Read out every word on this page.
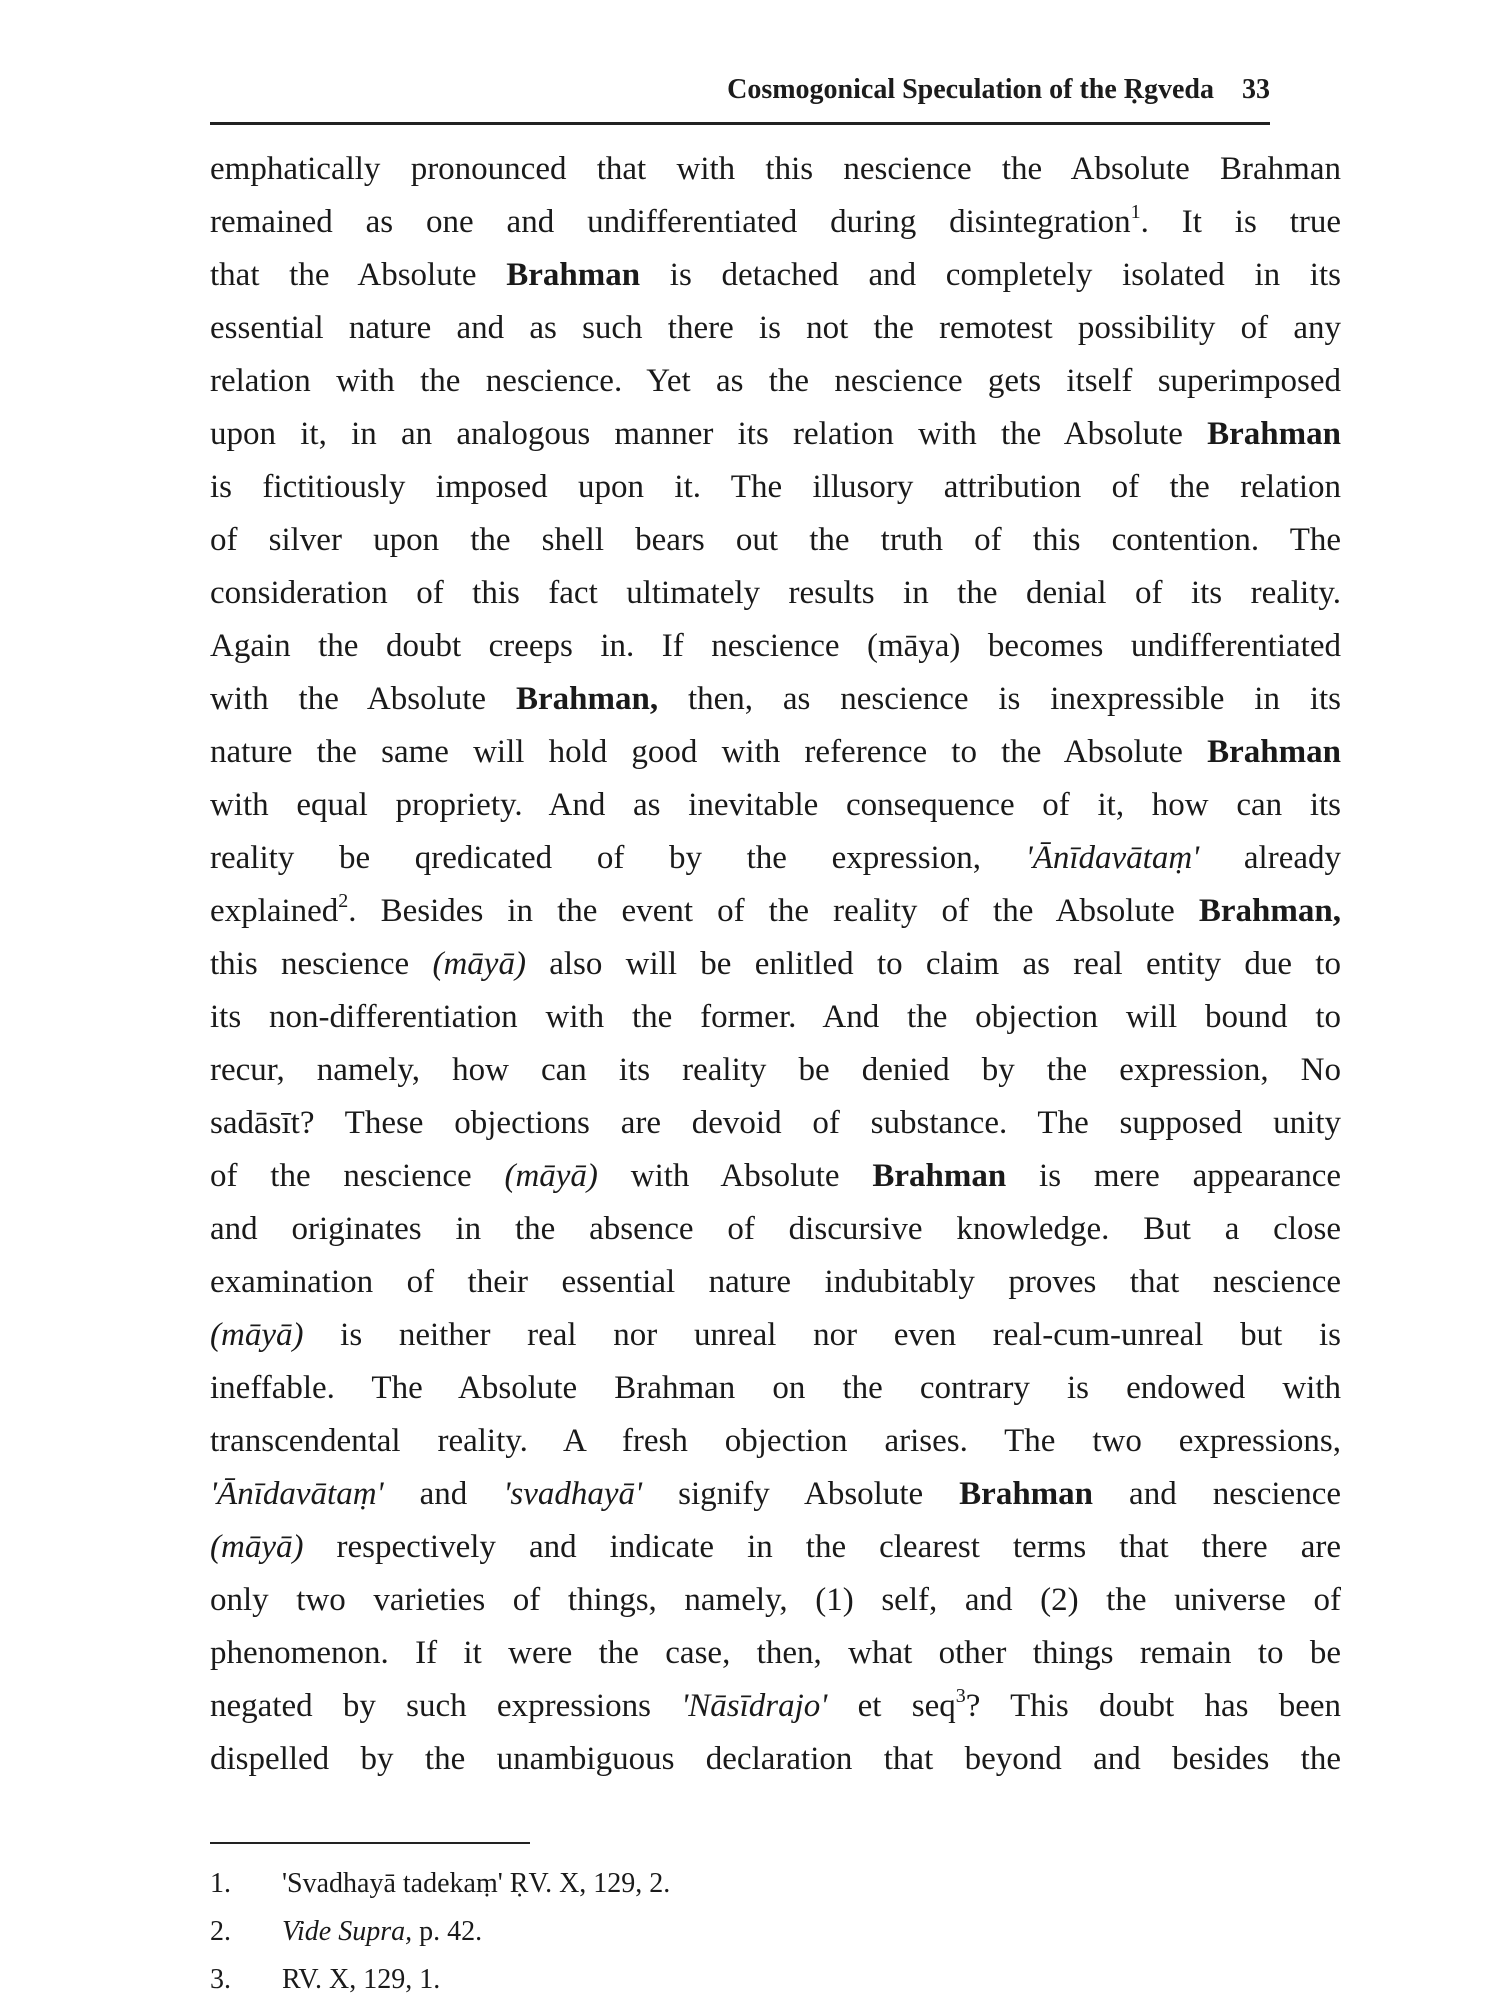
Cosmogonical Speculation of the Ṛgveda 33
emphatically pronounced that with this nescience the Absolute Brahman
remained as one and undifferentiated during disintegration$^1$. It is true
that the Absolute Brahman is detached and completely isolated in its
essential nature and as such there is not the remotest possibility of any
relation with the nescience. Yet as the nescience gets itself superimposed
upon it, in an analogous manner its relation with the Absolute Brahman
is fictitiously imposed upon it. The illusory attribution of the relation
of silver upon the shell bears out the truth of this contention. The
consideration of this fact ultimately results in the denial of its reality.
Again the doubt creeps in. If nescience (māya) becomes undifferentiated
with the Absolute Brahman, then, as nescience is inexpressible in its
nature the same will hold good with reference to the Absolute Brahman
with equal propriety. And as inevitable consequence of it, how can its
reality be qredicated of by the expression, 'Ānīdavātaṃ' already
explained$^2$. Besides in the event of the reality of the Absolute Brahman,
this nescience (māyā) also will be enlitled to claim as real entity due to
its non-differentiation with the former. And the objection will bound to
recur, namely, how can its reality be denied by the expression, No
sadāsīt? These objections are devoid of substance. The supposed unity
of the nescience (māyā) with Absolute Brahman is mere appearance
and originates in the absence of discursive knowledge. But a close
examination of their essential nature indubitably proves that nescience
(māyā) is neither real nor unreal nor even real-cum-unreal but is
ineffable. The Absolute Brahman on the contrary is endowed with
transcendental reality. A fresh objection arises. The two expressions,
'Ānīdavātaṃ' and 'svadhayā' signify Absolute Brahman and nescience
(māyā) respectively and indicate in the clearest terms that there are
only two varieties of things, namely, (1) self, and (2) the universe of
phenomenon. If it were the case, then, what other things remain to be
negated by such expressions 'Nāsīdrajo' et seq$^3$? This doubt has been
dispelled by the unambiguous declaration that beyond and besides the
1. 'Svadhayā tadekaṃ' ṚV. X, 129, 2.
2. Vide Supra, p. 42.
3. RV. X, 129, 1.
